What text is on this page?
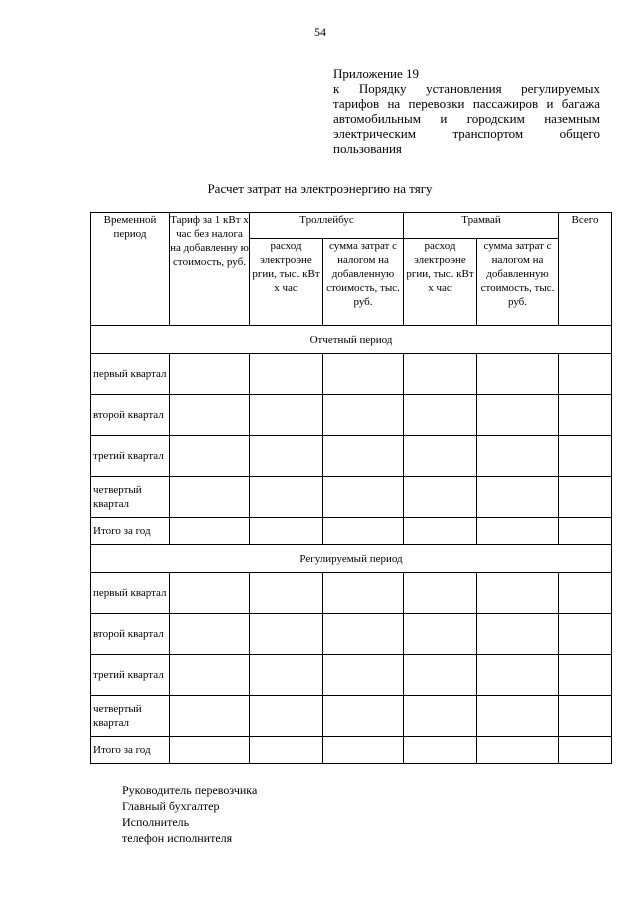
54
Приложение 19
к Порядку установления регулируемых тарифов на перевозки пассажиров и багажа автомобильным и городским наземным электрическим транспортом общего пользования
Расчет затрат на электроэнергию на тягу
Временной период	Тариф за 1 кВт х час без налога на добавленну ю стоимость, руб.	Троллейбус		Трамвай		Всего
		расход электроэне ргии, тыс. кВт х час	сумма затрат с налогом на добавленную стоимость, тыс. руб.	расход электроэне ргии, тыс. кВт х час	сумма затрат с налогом на добавленную стоимость, тыс. руб.	
Отчетный период						
первый квартал						
второй квартал						
третий квартал						
четвертый квартал						
Итого за год						
Регулируемый период						
первый квартал						
второй квартал						
третий квартал						
четвертый квартал						
Итого за год						
Руководитель перевозчика
Главный бухгалтер
Исполнитель
телефон исполнителя
